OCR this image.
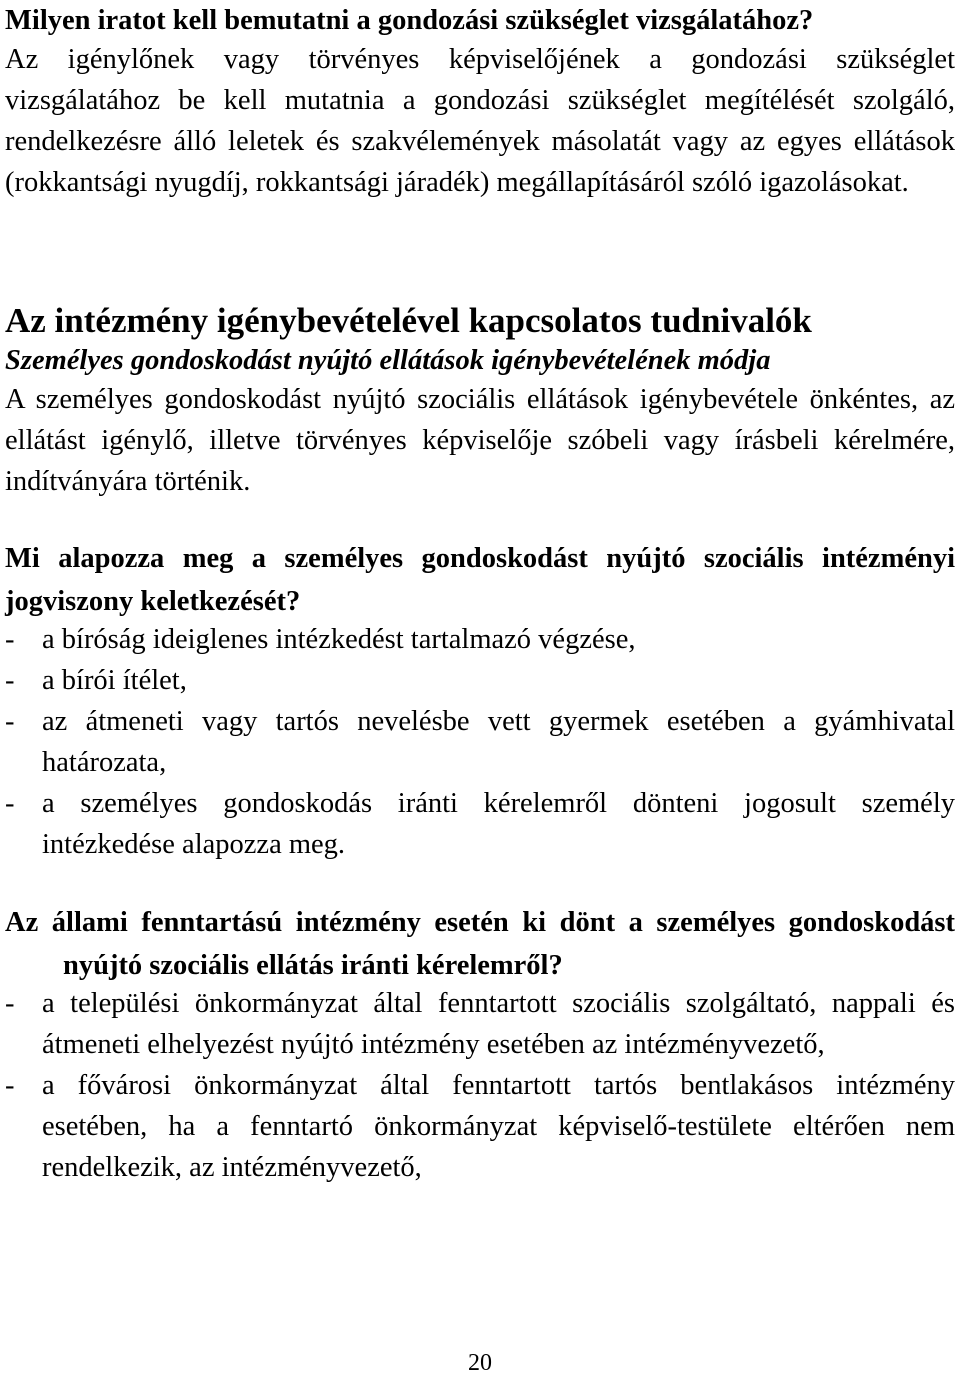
Milyen iratot kell bemutatni a gondozási szükséglet vizsgálatához?

Az igénylőnek vagy törvényes képviselőjének a gondozási szükséglet vizsgálatához be kell mutatnia a gondozási szükséglet megítélését szolgáló, rendelkezésre álló leletek és szakvélemények másolatát vagy az egyes ellátások (rokkantsági nyugdíj, rokkantsági járadék) megállapításáról szóló igazolásokat.

Az intézmény igénybevételével kapcsolatos tudnivalók
Személyes gondoskodást nyújtó ellátások igénybevételének módja

A személyes gondoskodást nyújtó szociális ellátások igénybevétele önkéntes, az ellátást igénylő, illetve törvényes képviselője szóbeli vagy írásbeli kérelmére, indítványára történik.

Mi alapozza meg a személyes gondoskodást nyújtó szociális intézményi jogviszony keletkezését?

- a bíróság ideiglenes intézkedést tartalmazó végzése,
- a bírói ítélet,
- az átmeneti vagy tartós nevelésbe vett gyermek esetében a gyámhivatal határozata,
- a személyes gondoskodás iránti kérelemről dönteni jogosult személy intézkedése alapozza meg.

Az állami fenntartású intézmény esetén ki dönt a személyes gondoskodást nyújtó szociális ellátás iránti kérelemről?

- a települési önkormányzat által fenntartott szociális szolgáltató, nappali és átmeneti elhelyezést nyújtó intézmény esetében az intézményvezető,
- a fővárosi önkormányzat által fenntartott tartós bentlakásos intézmény esetében, ha a fenntartó önkormányzat képviselő-testülete eltérően nem rendelkezik, az intézményvezető,
20
